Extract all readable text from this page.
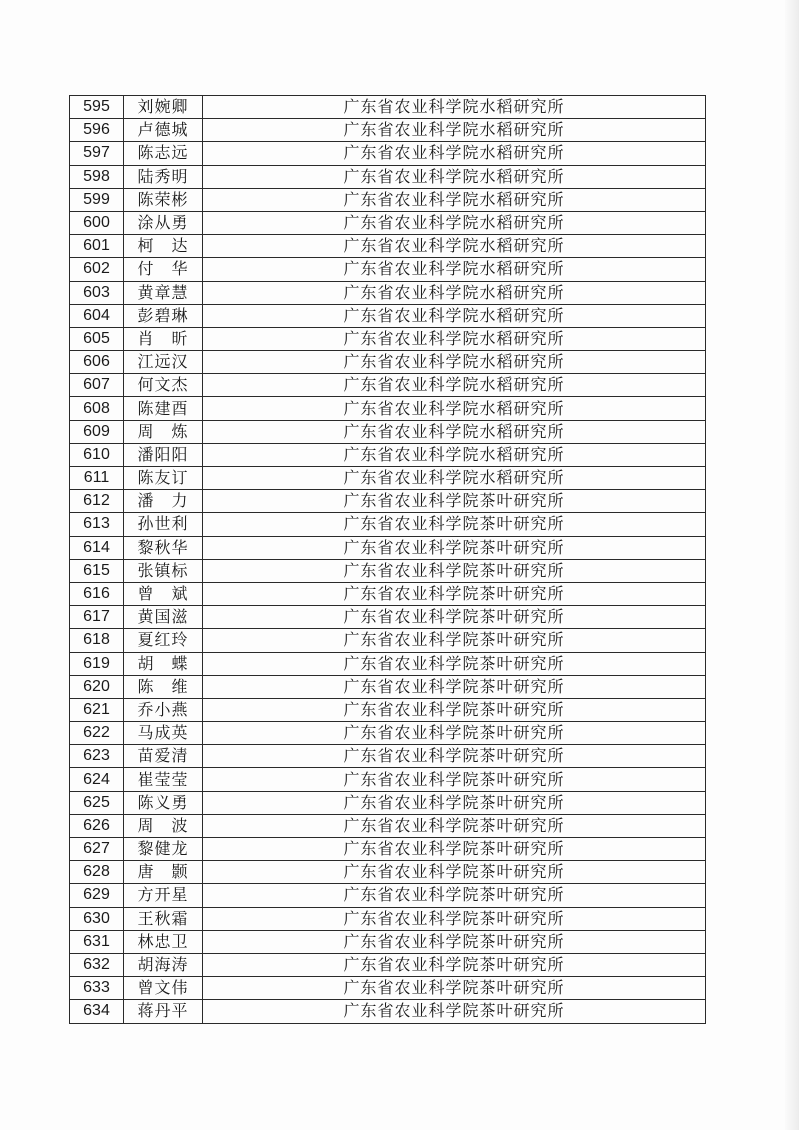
595	刘婉卿	广东省农业科学院水稻研究所
596	卢德城	广东省农业科学院水稻研究所
597	陈志远	广东省农业科学院水稻研究所
598	陆秀明	广东省农业科学院水稻研究所
599	陈荣彬	广东省农业科学院水稻研究所
600	涂从勇	广东省农业科学院水稻研究所
601	柯　达	广东省农业科学院水稻研究所
602	付　华	广东省农业科学院水稻研究所
603	黄章慧	广东省农业科学院水稻研究所
604	彭碧琳	广东省农业科学院水稻研究所
605	肖　昕	广东省农业科学院水稻研究所
606	江远汉	广东省农业科学院水稻研究所
607	何文杰	广东省农业科学院水稻研究所
608	陈建酉	广东省农业科学院水稻研究所
609	周　炼	广东省农业科学院水稻研究所
610	潘阳阳	广东省农业科学院水稻研究所
611	陈友订	广东省农业科学院水稻研究所
612	潘　力	广东省农业科学院茶叶研究所
613	孙世利	广东省农业科学院茶叶研究所
614	黎秋华	广东省农业科学院茶叶研究所
615	张镇标	广东省农业科学院茶叶研究所
616	曾　斌	广东省农业科学院茶叶研究所
617	黄国滋	广东省农业科学院茶叶研究所
618	夏红玲	广东省农业科学院茶叶研究所
619	胡　蝶	广东省农业科学院茶叶研究所
620	陈　维	广东省农业科学院茶叶研究所
621	乔小燕	广东省农业科学院茶叶研究所
622	马成英	广东省农业科学院茶叶研究所
623	苗爱清	广东省农业科学院茶叶研究所
624	崔莹莹	广东省农业科学院茶叶研究所
625	陈义勇	广东省农业科学院茶叶研究所
626	周　波	广东省农业科学院茶叶研究所
627	黎健龙	广东省农业科学院茶叶研究所
628	唐　颢	广东省农业科学院茶叶研究所
629	方开星	广东省农业科学院茶叶研究所
630	王秋霜	广东省农业科学院茶叶研究所
631	林忠卫	广东省农业科学院茶叶研究所
632	胡海涛	广东省农业科学院茶叶研究所
633	曾文伟	广东省农业科学院茶叶研究所
634	蒋丹平	广东省农业科学院茶叶研究所
